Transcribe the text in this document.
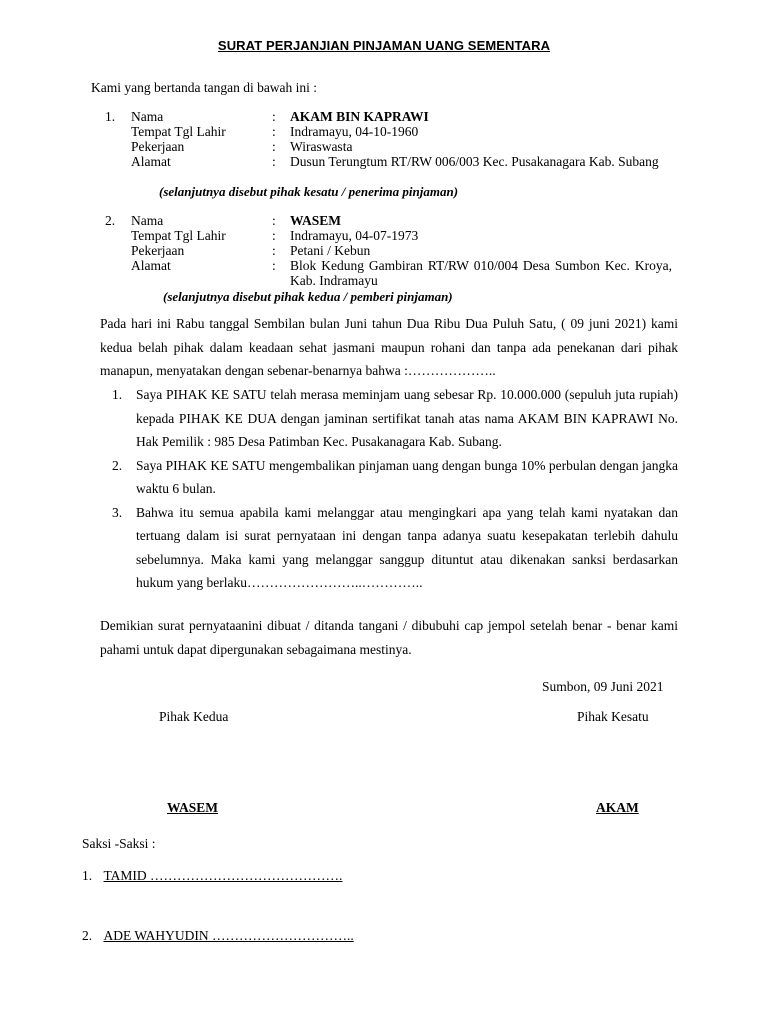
SURAT PERJANJIAN PINJAMAN UANG SEMENTARA
Kami yang bertanda tangan di bawah ini :
1. Nama	: AKAM BIN KAPRAWI
Tempat Tgl Lahir	: Indramayu, 04-10-1960
Pekerjaan	: Wiraswasta
Alamat	: Dusun Terungtum RT/RW 006/003 Kec. Pusakanagara Kab. Subang
(selanjutnya disebut pihak kesatu / penerima pinjaman)
2. Nama	: WASEM
Tempat Tgl Lahir	: Indramayu, 04-07-1973
Pekerjaan	: Petani / Kebun
Alamat	: Blok Kedung Gambiran RT/RW 010/004 Desa Sumbon Kec. Kroya, Kab. Indramayu
(selanjutnya disebut pihak kedua / pemberi pinjaman)
Pada hari ini Rabu tanggal Sembilan bulan Juni tahun Dua Ribu Dua Puluh Satu, ( 09 juni 2021) kami kedua belah pihak dalam keadaan sehat jasmani maupun rohani dan tanpa ada penekanan dari pihak manapun, menyatakan dengan sebenar-benarnya bahwa :………………..
1. Saya PIHAK KE SATU telah merasa meminjam uang sebesar Rp. 10.000.000 (sepuluh juta rupiah) kepada PIHAK KE DUA dengan jaminan sertifikat tanah atas nama AKAM BIN KAPRAWI No. Hak Pemilik : 985 Desa Patimban Kec. Pusakanagara Kab. Subang.
2. Saya PIHAK KE SATU mengembalikan pinjaman uang dengan bunga 10% perbulan dengan jangka waktu 6 bulan.
3. Bahwa itu semua apabila kami melanggar atau mengingkari apa yang telah kami nyatakan dan tertuang dalam isi surat pernyataan ini dengan tanpa adanya suatu kesepakatan terlebih dahulu sebelumnya. Maka kami yang melanggar sanggup dituntut atau dikenakan sanksi berdasarkan hukum yang berlaku……………………..…………..
Demikian surat pernyataanini dibuat / ditanda tangani / dibubuhi cap jempol setelah benar - benar kami pahami untuk dapat dipergunakan sebagaimana mestinya.
Sumbon, 09 Juni 2021
Pihak Kedua	Pihak Kesatu
WASEM	AKAM
Saksi -Saksi :
1. TAMID …………………………………….
2. ADE WAHYUDIN …………………………..
